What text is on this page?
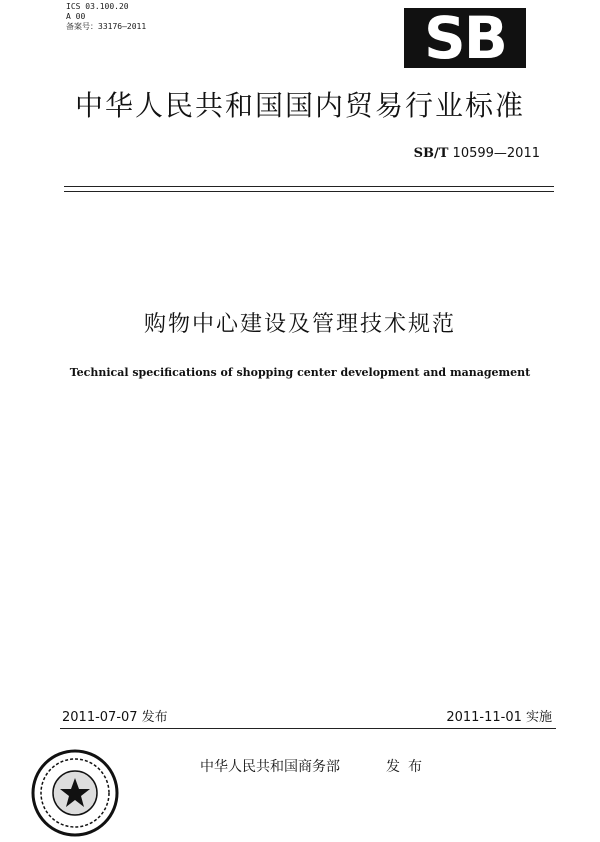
ICS 03.100.20
A 00
备案号：33176—2011	SB
中华人民共和国国内贸易行业标准
SB/T 10599—2011
购物中心建设及管理技术规范
Technical specifications of shopping center development and management
2011-07-07 发布	2011-11-01 实施
中华人民共和国商务部	发布
